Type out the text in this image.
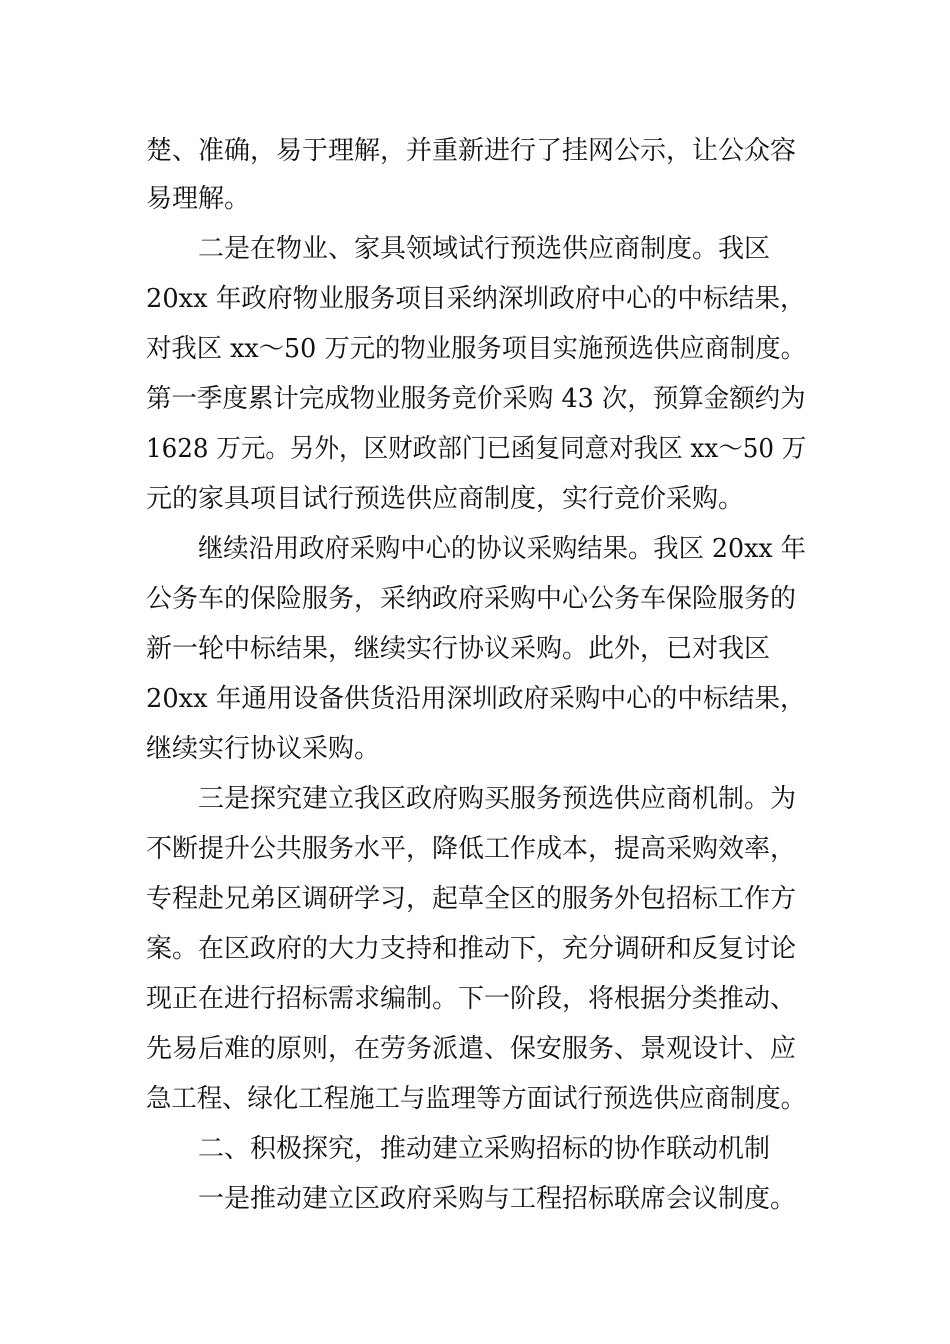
楚、准确，易于理解，并重新进行了挂网公示，让公众容
易理解。
二是在物业、家具领域试行预选供应商制度。我区
20xx 年政府物业服务项目采纳深圳政府中心的中标结果，
对我区 xx～50 万元的物业服务项目实施预选供应商制度。
第一季度累计完成物业服务竞价采购 43 次，预算金额约为
1628 万元。另外，区财政部门已函复同意对我区 xx～50 万
元的家具项目试行预选供应商制度，实行竞价采购。
继续沿用政府采购中心的协议采购结果。我区 20xx 年
公务车的保险服务，采纳政府采购中心公务车保险服务的
新一轮中标结果，继续实行协议采购。此外，已对我区
20xx 年通用设备供货沿用深圳政府采购中心的中标结果，
继续实行协议采购。
三是探究建立我区政府购买服务预选供应商机制。为
不断提升公共服务水平，降低工作成本，提高采购效率，
专程赴兄弟区调研学习，起草全区的服务外包招标工作方
案。在区政府的大力支持和推动下，充分调研和反复讨论
现正在进行招标需求编制。下一阶段，将根据分类推动、
先易后难的原则，在劳务派遣、保安服务、景观设计、应
急工程、绿化工程施工与监理等方面试行预选供应商制度。
二、积极探究，推动建立采购招标的协作联动机制
一是推动建立区政府采购与工程招标联席会议制度。
